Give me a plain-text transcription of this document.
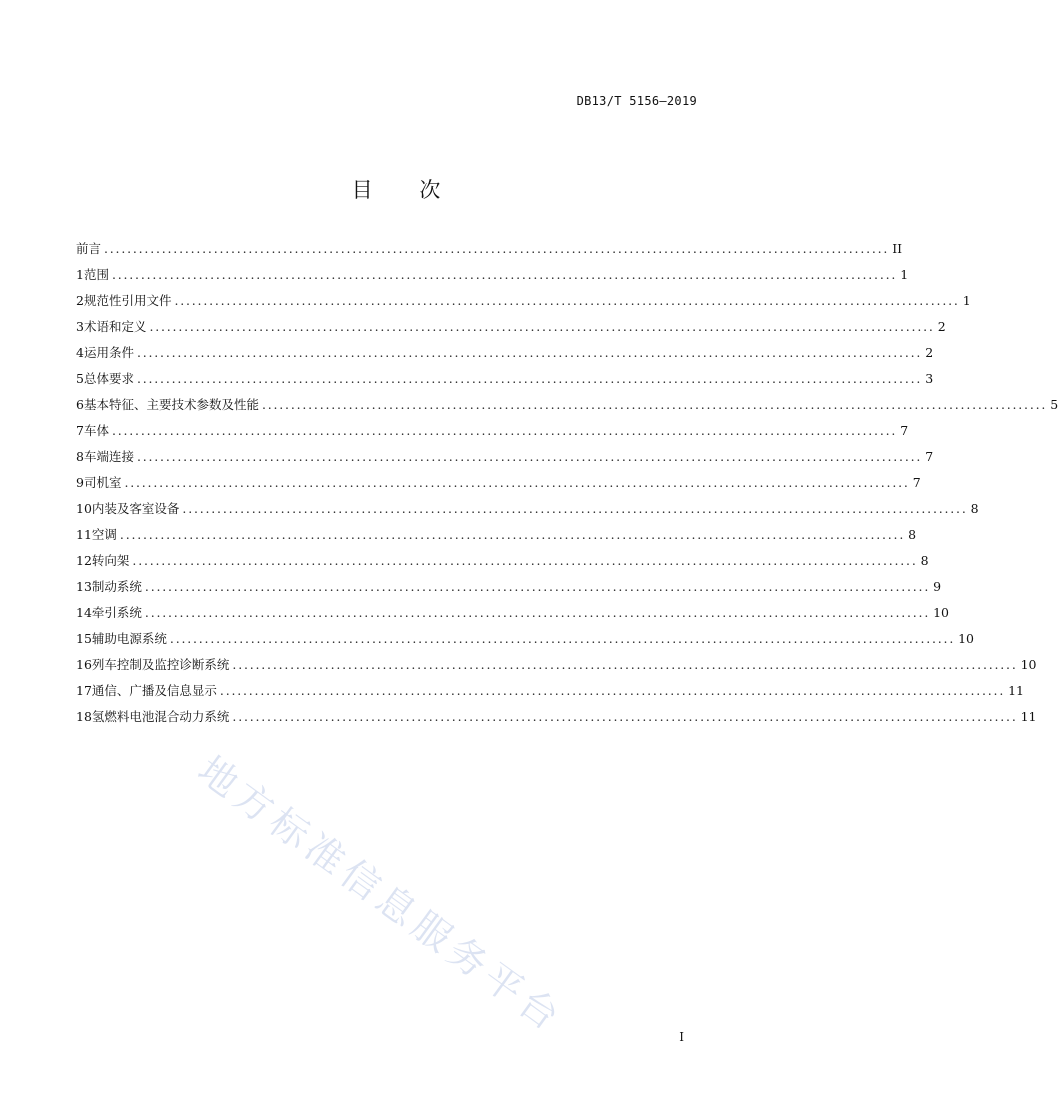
DB13/T 5156—2019
目 次
前言 ........................................................................................................................................ II
1 范围 ........................................................................................................................................ 1
2 规范性引用文件 ........................................................................................................................................ 1
3 术语和定义 ........................................................................................................................................ 2
4 运用条件 ........................................................................................................................................ 2
5 总体要求 ........................................................................................................................................ 3
6 基本特征、主要技术参数及性能 ........................................................................................................................................ 5
7 车体 ........................................................................................................................................ 7
8 车端连接 ........................................................................................................................................ 7
9 司机室 ........................................................................................................................................ 7
10 内装及客室设备 ........................................................................................................................................ 8
11 空调 ........................................................................................................................................ 8
12 转向架 ........................................................................................................................................ 8
13 制动系统 ........................................................................................................................................ 9
14 牵引系统 ........................................................................................................................................ 10
15 辅助电源系统 ........................................................................................................................................ 10
16 列车控制及监控诊断系统 ........................................................................................................................................ 10
17 通信、广播及信息显示 ........................................................................................................................................ 11
18 氢燃料电池混合动力系统 ........................................................................................................................................ 11
地方标准信息服务平台	I
